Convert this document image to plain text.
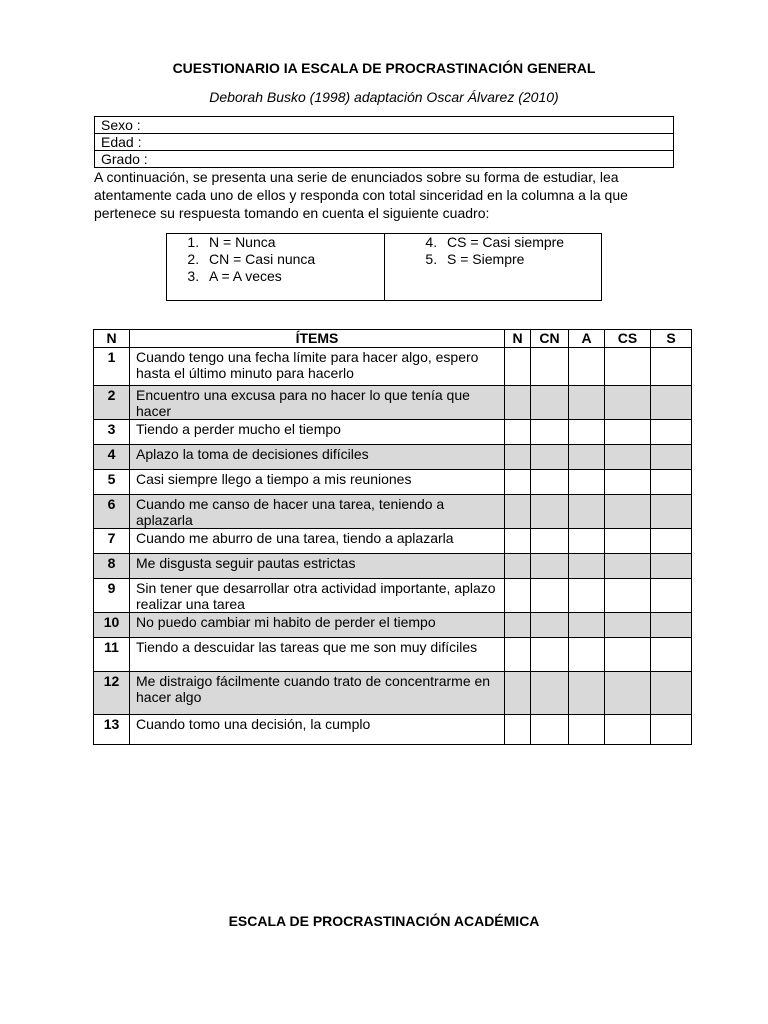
CUESTIONARIO IA ESCALA DE PROCRASTINACIÓN GENERAL
Deborah Busko (1998) adaptación Oscar Álvarez (2010)
Sexo :
Edad :
Grado :

A continuación, se presenta una serie de enunciados sobre su forma de estudiar, lea atentamente cada uno de ellos y responda con total sinceridad en la columna a la que pertenece su respuesta tomando en cuenta el siguiente cuadro:

1. N = Nunca
2. CN = Casi nunca
3. A = A veces
4. CS = Casi siempre
5. S = Siempre
N	ÍTEMS	N	CN	A	CS	S
1	Cuando tengo una fecha límite para hacer algo, espero hasta el último minuto para hacerlo					
2	Encuentro una excusa para no hacer lo que tenía que hacer					
3	Tiendo a perder mucho el tiempo					
4	Aplazo la toma de decisiones difíciles					
5	Casi siempre llego a tiempo a mis reuniones					
6	Cuando me canso de hacer una tarea, teniendo a aplazarla					
7	Cuando me aburro de una tarea, tiendo a aplazarla					
8	Me disgusta seguir pautas estrictas					
9	Sin tener que desarrollar otra actividad importante, aplazo realizar una tarea					
10	No puedo cambiar mi habito de perder el tiempo					
11	Tiendo a descuidar las tareas que me son muy difíciles					
12	Me distraigo fácilmente cuando trato de concentrarme en hacer algo					
13	Cuando tomo una decisión, la cumplo					
ESCALA DE PROCRASTINACIÓN ACADÉMICA
